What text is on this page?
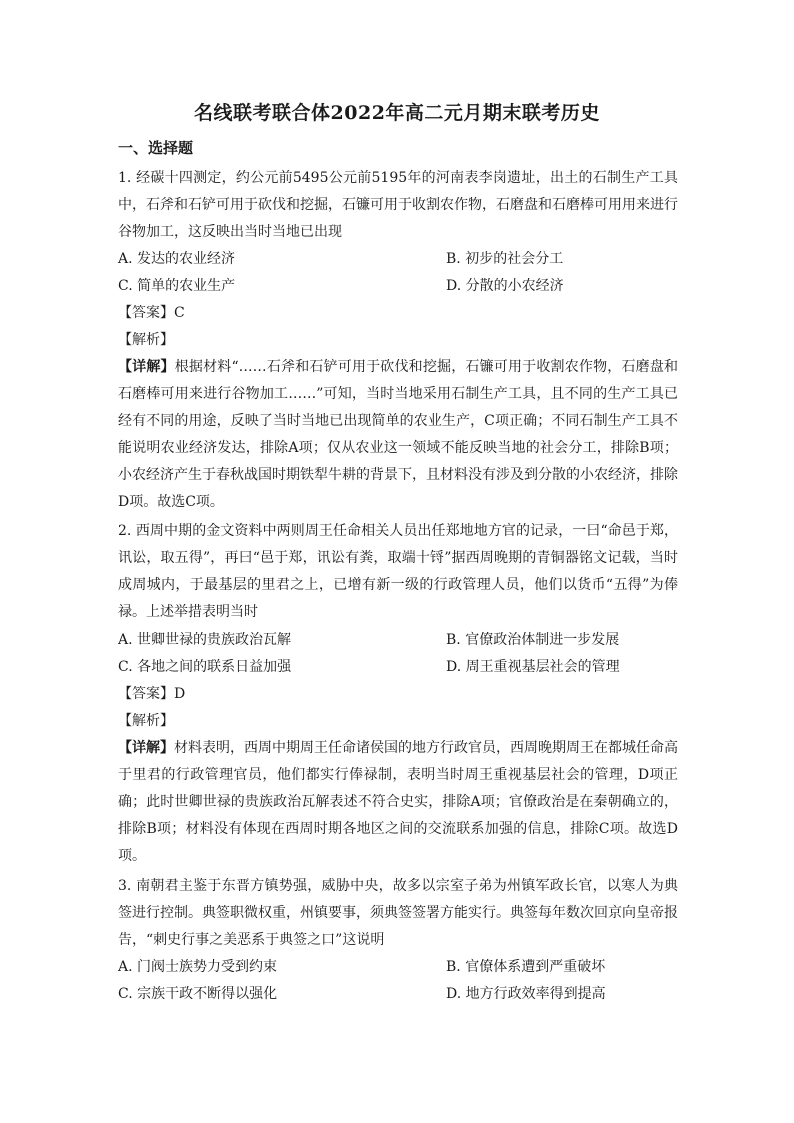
名线联考联合体2022年高二元月期末联考历史
一、选择题
1. 经碳十四测定，约公元前5495公元前5195年的河南表李岗遗址，出土的石制生产工具中，石斧和石铲可用于砍伐和挖掘，石镰可用于收割农作物，石磨盘和石磨棒可用用来进行谷物加工，这反映出当时当地已出现
A. 发达的农业经济	B. 初步的社会分工
C. 简单的农业生产	D. 分散的小农经济
【答案】C
【解析】
【详解】根据材料“……石斧和石铲可用于砍伐和挖掘，石镰可用于收割农作物，石磨盘和石磨棒可用来进行谷物加工……”可知，当时当地采用石制生产工具，且不同的生产工具已经有不同的用途，反映了当时当地已出现简单的农业生产，C项正确；不同石制生产工具不能说明农业经济发达，排除A项；仅从农业这一领域不能反映当地的社会分工，排除B项；小农经济产生于春秋战国时期铁犁牛耕的背景下，且材料没有涉及到分散的小农经济，排除D项。故选C项。
2. 西周中期的金文资料中两则周王任命相关人员出任郑地地方官的记录，一曰“命邑于郑，讯讼，取五得”，再曰“邑于郑，讯讼有粪，取端十锊”据西周晚期的青铜器铭文记载，当时成周城内，于最基层的里君之上，已增有新一级的行政管理人员，他们以货币“五得”为俸禄。上述举措表明当时
A. 世卿世禄的贵族政治瓦解	B. 官僚政治体制进一步发展
C. 各地之间的联系日益加强	D. 周王重视基层社会的管理
【答案】D
【解析】
【详解】材料表明，西周中期周王任命诸侯国的地方行政官员，西周晚期周王在都城任命高于里君的行政管理官员，他们都实行俸禄制，表明当时周王重视基层社会的管理，D项正确；此时世卿世禄的贵族政治瓦解表述不符合史实，排除A项；官僚政治是在秦朝确立的，排除B项；材料没有体现在西周时期各地区之间的交流联系加强的信息，排除C项。故选D项。
3. 南朝君主鉴于东晋方镇势强，威胁中央，故多以宗室子弟为州镇军政长官，以寒人为典签进行控制。典签职微权重，州镇要事，须典签签署方能实行。典签每年数次回京向皇帝报告，“刺史行事之美恶系于典签之口”这说明
A. 门阀士族势力受到约束	B. 官僚体系遭到严重破坏
C. 宗族干政不断得以强化	D. 地方行政效率得到提高
